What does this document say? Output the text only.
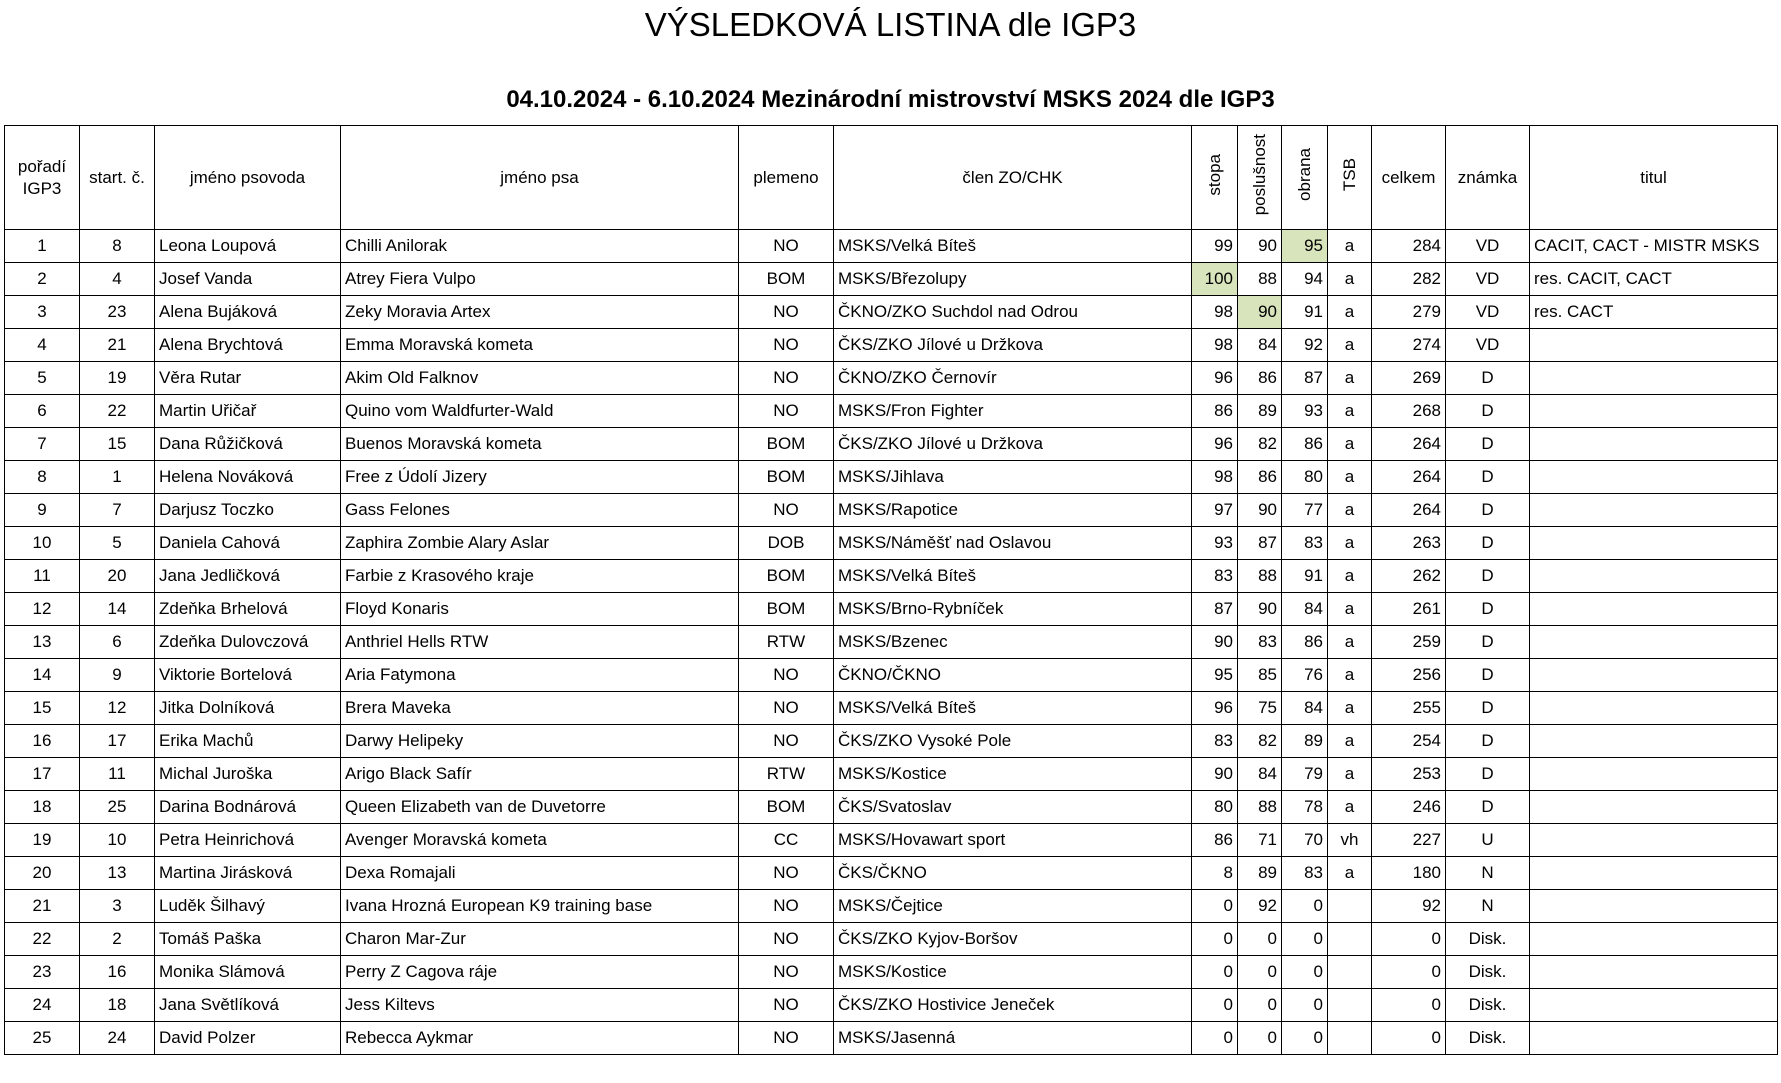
VÝSLEDKOVÁ LISTINA dle IGP3
04.10.2024 - 6.10.2024 Mezinárodní mistrovství MSKS 2024 dle IGP3
pořadí IGP3	start. č.	jméno psovoda	jméno psa	plemeno	člen ZO/CHK	stopa	poslušnost	obrana	TSB	celkem	známka	titul
1	8	Leona Loupová	Chilli Anilorak	NO	MSKS/Velká Bíteš	99	90	95	a	284	VD	CACIT, CACT - MISTR MSKS
2	4	Josef Vanda	Atrey Fiera Vulpo	BOM	MSKS/Březolupy	100	88	94	a	282	VD	res. CACIT, CACT
3	23	Alena Bujáková	Zeky Moravia Artex	NO	ČKNO/ZKO Suchdol nad Odrou	98	90	91	a	279	VD	res. CACT
4	21	Alena Brychtová	Emma Moravská kometa	NO	ČKS/ZKO Jílové u Držkova	98	84	92	a	274	VD	
5	19	Věra Rutar	Akim Old Falknov	NO	ČKNO/ZKO Černovír	96	86	87	a	269	D	
6	22	Martin Uřičař	Quino vom Waldfurter-Wald	NO	MSKS/Fron Fighter	86	89	93	a	268	D	
7	15	Dana Růžičková	Buenos Moravská kometa	BOM	ČKS/ZKO Jílové u Držkova	96	82	86	a	264	D	
8	1	Helena Nováková	Free z Údolí Jizery	BOM	MSKS/Jihlava	98	86	80	a	264	D	
9	7	Darjusz Toczko	Gass Felones	NO	MSKS/Rapotice	97	90	77	a	264	D	
10	5	Daniela Cahová	Zaphira Zombie Alary Aslar	DOB	MSKS/Náměšť nad Oslavou	93	87	83	a	263	D	
11	20	Jana Jedličková	Farbie z Krasového kraje	BOM	MSKS/Velká Bíteš	83	88	91	a	262	D	
12	14	Zdeňka Brhelová	Floyd Konaris	BOM	MSKS/Brno-Rybníček	87	90	84	a	261	D	
13	6	Zdeňka Dulovczová	Anthriel Hells RTW	RTW	MSKS/Bzenec	90	83	86	a	259	D	
14	9	Viktorie Bortelová	Aria Fatymona	NO	ČKNO/ČKNO	95	85	76	a	256	D	
15	12	Jitka Dolníková	Brera Maveka	NO	MSKS/Velká Bíteš	96	75	84	a	255	D	
16	17	Erika Machů	Darwy Helipeky	NO	ČKS/ZKO Vysoké Pole	83	82	89	a	254	D	
17	11	Michal Juroška	Arigo Black Safír	RTW	MSKS/Kostice	90	84	79	a	253	D	
18	25	Darina Bodnárová	Queen Elizabeth van de Duvetorre	BOM	ČKS/Svatoslav	80	88	78	a	246	D	
19	10	Petra Heinrichová	Avenger Moravská kometa	CC	MSKS/Hovawart sport	86	71	70	vh	227	U	
20	13	Martina Jirásková	Dexa Romajali	NO	ČKS/ČKNO	8	89	83	a	180	N	
21	3	Luděk Šilhavý	Ivana Hrozná European K9 training base	NO	MSKS/Čejtice	0	92	0		92	N	
22	2	Tomáš Paška	Charon Mar-Zur	NO	ČKS/ZKO Kyjov-Boršov	0	0	0		0	Disk.	
23	16	Monika Slámová	Perry Z Cagova ráje	NO	MSKS/Kostice	0	0	0		0	Disk.	
24	18	Jana Světlíková	Jess Kiltevs	NO	ČKS/ZKO Hostivice Jeneček	0	0	0		0	Disk.	
25	24	David Polzer	Rebecca Aykmar	NO	MSKS/Jasenná	0	0	0		0	Disk.	
